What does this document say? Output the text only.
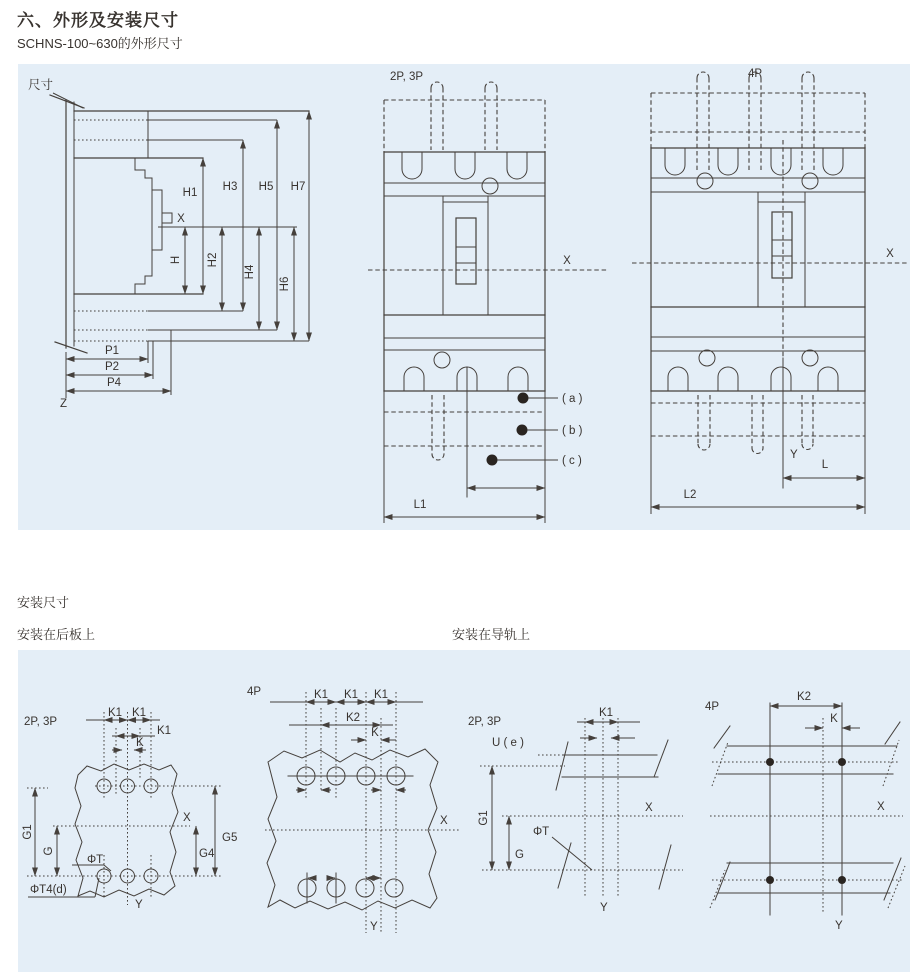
六、外形及安装尺寸
SCHNS-100~630的外形尺寸
尺寸
X
H1 H3 H5 H7
H H2
H4
H6
P1
P2
P4
Z
2P, 3P
X
( a )
( b )
( c )
L1
4P
X
Y
L
L2
安装尺寸
安装在后板上	安装在导轨上
2P, 3P
K1 K1
K1
K
X
G1
G
G5
G4
ΦT
ΦT4(d)
Y
4P	K1 K1 K1
K2
K
X
Y
2P, 3P
U ( e )
K1
G1
X
G
ΦT
Y
4P
K2
K
X
Y
